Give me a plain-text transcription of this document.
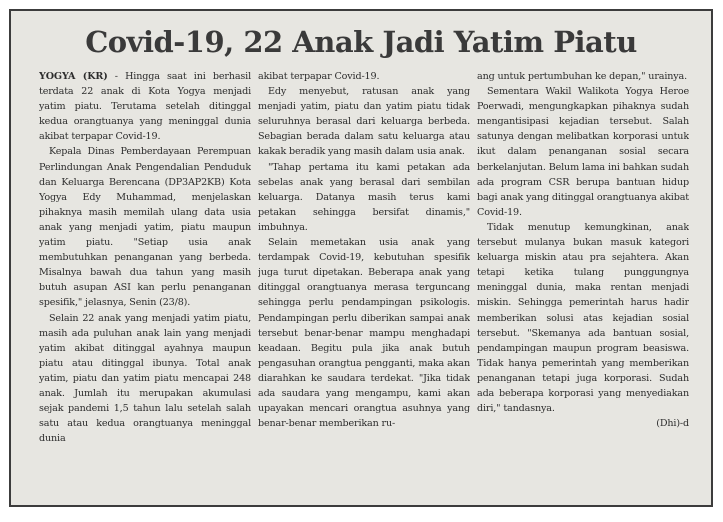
Covid-19, 22 Anak Jadi Yatim Piatu

YOGYA (KR) - Hingga saat ini berhasil terdata 22 anak di Kota Yogya menjadi yatim piatu. Terutama setelah ditinggal kedua orangtuanya yang meninggal dunia akibat terpapar Covid-19.

Kepala Dinas Pemberdayaan Perempuan Perlindungan Anak Pengendalian Penduduk dan Keluarga Berencana (DP3AP2KB) Kota Yogya Edy Muhammad, menjelaskan pihaknya masih memilah ulang data usia anak yang menjadi yatim, piatu maupun yatim piatu. "Setiap usia anak membutuhkan penanganan yang berbeda. Misalnya bawah dua tahun yang masih butuh asupan ASI kan perlu penanganan spesifik," jelasnya, Senin (23/8).

Selain 22 anak yang menjadi yatim piatu, masih ada puluhan anak lain yang menjadi yatim akibat ditinggal ayahnya maupun piatu atau ditinggal ibunya. Total anak yatim, piatu dan yatim piatu mencapai 248 anak. Jumlah itu merupakan akumulasi sejak pandemi 1,5 tahun lalu setelah salah satu atau kedua orangtuanya meninggal dunia

akibat terpapar Covid-19.

Edy menyebut, ratusan anak yang menjadi yatim, piatu dan yatim piatu tidak seluruhnya berasal dari keluarga berbeda. Sebagian berada dalam satu keluarga atau kakak beradik yang masih dalam usia anak.

"Tahap pertama itu kami petakan ada sebelas anak yang berasal dari sembilan keluarga. Datanya masih terus kami petakan sehingga bersifat dinamis," imbuhnya.

Selain memetakan usia anak yang terdampak Covid-19, kebutuhan spesifik juga turut dipetakan. Beberapa anak yang ditinggal orangtuanya merasa terguncang sehingga perlu pendampingan psikologis. Pendampingan perlu diberikan sampai anak tersebut benar-benar mampu menghadapi keadaan. Begitu pula jika anak butuh pengasuhan orangtua pengganti, maka akan diarahkan ke saudara terdekat. "Jika tidak ada saudara yang mengampu, kami akan upayakan mencari orangtua asuhnya yang benar-benar memberikan ru-

ang untuk pertumbuhan ke depan," urainya.

Sementara Wakil Walikota Yogya Heroe Poerwadi, mengungkapkan pihaknya sudah mengantisipasi kejadian tersebut. Salah satunya dengan melibatkan korporasi untuk ikut dalam penanganan sosial secara berkelanjutan. Belum lama ini bahkan sudah ada program CSR berupa bantuan hidup bagi anak yang ditinggal orangtuanya akibat Covid-19.

Tidak menutup kemungkinan, anak tersebut mulanya bukan masuk kategori keluarga miskin atau pra sejahtera. Akan tetapi ketika tulang punggungnya meninggal dunia, maka rentan menjadi miskin. Sehingga pemerintah harus hadir memberikan solusi atas kejadian sosial tersebut. "Skemanya ada bantuan sosial, pendampingan maupun program beasiswa. Tidak hanya pemerintah yang memberikan penanganan tetapi juga korporasi. Sudah ada beberapa korporasi yang menyediakan diri," tandasnya.

(Dhi)-d
